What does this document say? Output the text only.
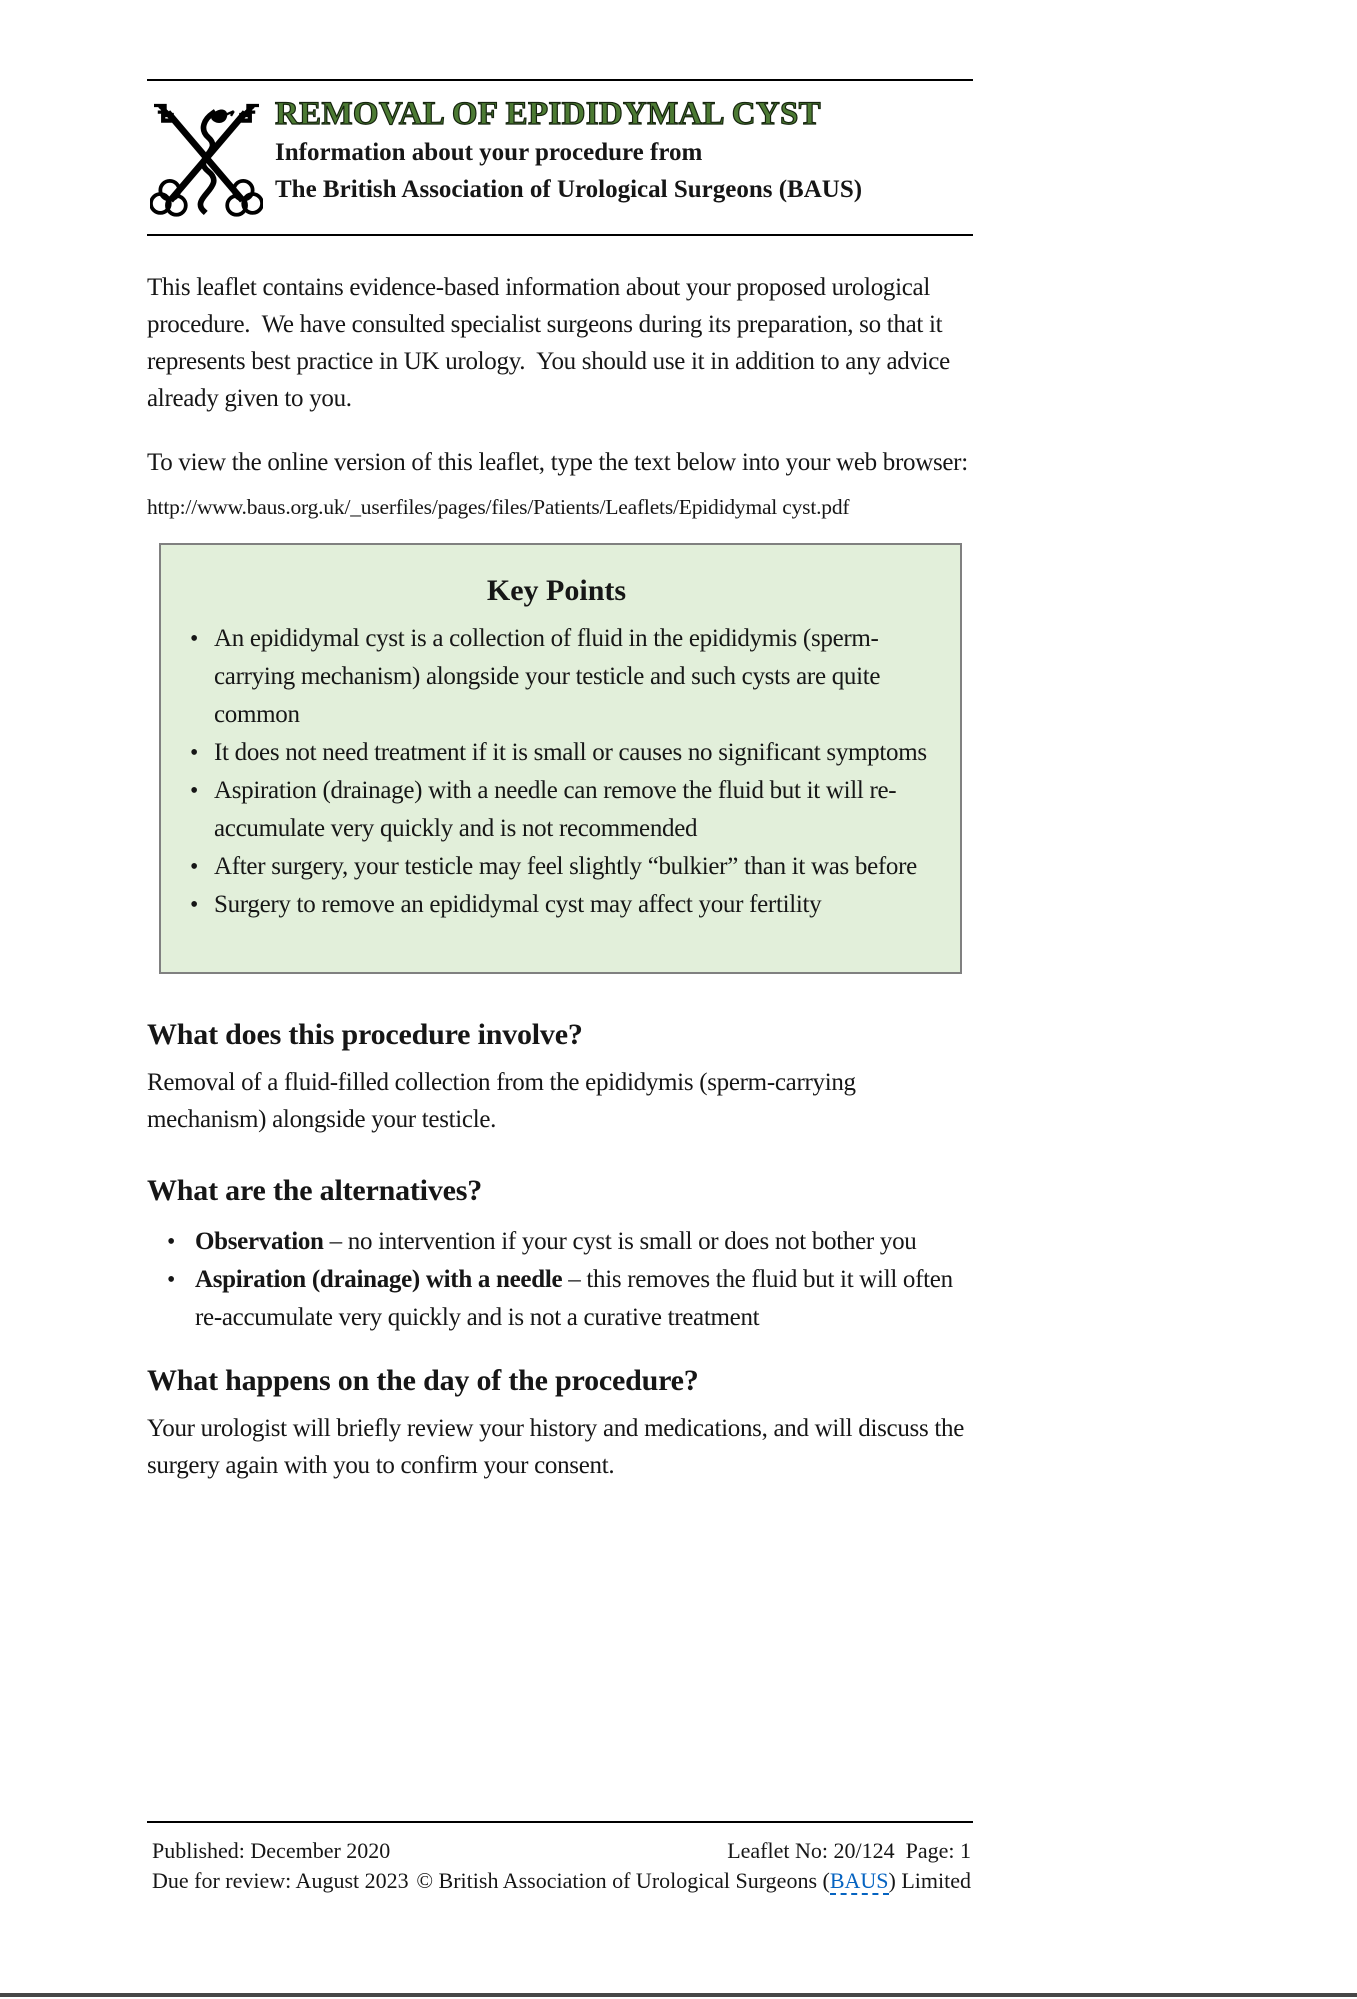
REMOVAL OF EPIDIDYMAL CYST
Information about your procedure from
The British Association of Urological Surgeons (BAUS)

This leaflet contains evidence-based information about your proposed urological procedure.  We have consulted specialist surgeons during its preparation, so that it represents best practice in UK urology.  You should use it in addition to any advice already given to you.

To view the online version of this leaflet, type the text below into your web browser:

http://www.baus.org.uk/_userfiles/pages/files/Patients/Leaflets/Epididymal cyst.pdf
Key Points
• An epididymal cyst is a collection of fluid in the epididymis (sperm-carrying mechanism) alongside your testicle and such cysts are quite common
• It does not need treatment if it is small or causes no significant symptoms
• Aspiration (drainage) with a needle can remove the fluid but it will re-accumulate very quickly and is not recommended
• After surgery, your testicle may feel slightly “bulkier” than it was before
• Surgery to remove an epididymal cyst may affect your fertility
What does this procedure involve?

Removal of a fluid-filled collection from the epididymis (sperm-carrying mechanism) alongside your testicle.

What are the alternatives?
• Observation – no intervention if your cyst is small or does not bother you
• Aspiration (drainage) with a needle – this removes the fluid but it will often re-accumulate very quickly and is not a curative treatment
What happens on the day of the procedure?

Your urologist will briefly review your history and medications, and will discuss the surgery again with you to confirm your consent.

Published: December 2020	Leaflet No: 20/124  Page: 1
Due for review: August 2023 © British Association of Urological Surgeons (BAUS) Limited
